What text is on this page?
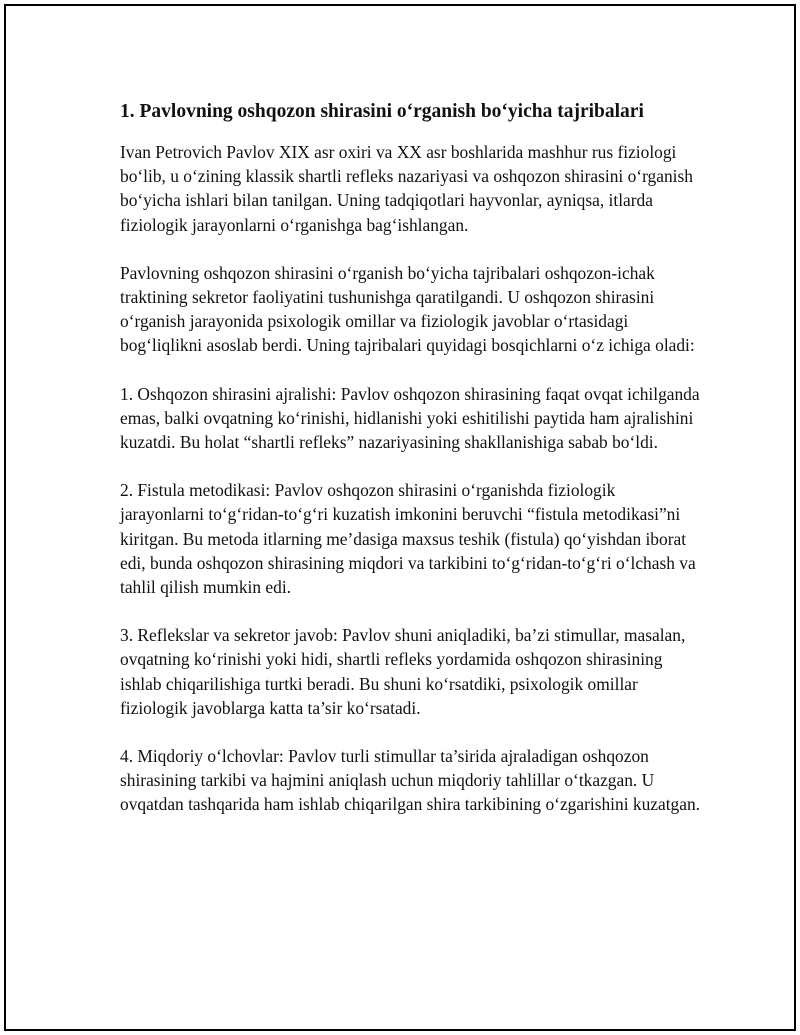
1. Pavlovning oshqozon shirasini o‘rganish bo‘yicha tajribalari

Ivan Petrovich Pavlov XIX asr oxiri va XX asr boshlarida mashhur rus fiziologi bo‘lib, u o‘zining klassik shartli refleks nazariyasi va oshqozon shirasini o‘rganish bo‘yicha ishlari bilan tanilgan. Uning tadqiqotlari hayvonlar, ayniqsa, itlarda fiziologik jarayonlarni o‘rganishga bag‘ishlangan.

Pavlovning oshqozon shirasini o‘rganish bo‘yicha tajribalari oshqozon-ichak traktining sekretor faoliyatini tushunishga qaratilgandi. U oshqozon shirasini o‘rganish jarayonida psixologik omillar va fiziologik javoblar o‘rtasidagi bog‘liqlikni asoslab berdi. Uning tajribalari quyidagi bosqichlarni o‘z ichiga oladi:

1. Oshqozon shirasini ajralishi: Pavlov oshqozon shirasining faqat ovqat ichilganda emas, balki ovqatning ko‘rinishi, hidlanishi yoki eshitilishi paytida ham ajralishini kuzatdi. Bu holat “shartli refleks” nazariyasining shakllanishiga sabab bo‘ldi.

2. Fistula metodikasi: Pavlov oshqozon shirasini o‘rganishda fiziologik jarayonlarni to‘g‘ridan-to‘g‘ri kuzatish imkonini beruvchi “fistula metodikasi”ni kiritgan. Bu metoda itlarning me’dasiga maxsus teshik (fistula) qo‘yishdan iborat edi, bunda oshqozon shirasining miqdori va tarkibini to‘g‘ridan-to‘g‘ri o‘lchash va tahlil qilish mumkin edi.

3. Reflekslar va sekretor javob: Pavlov shuni aniqladiki, ba’zi stimullar, masalan, ovqatning ko‘rinishi yoki hidi, shartli refleks yordamida oshqozon shirasining ishlab chiqarilishiga turtki beradi. Bu shuni ko‘rsatdiki, psixologik omillar fiziologik javoblarga katta ta’sir ko‘rsatadi.

4. Miqdoriy o‘lchovlar: Pavlov turli stimullar ta’sirida ajraladigan oshqozon shirasining tarkibi va hajmini aniqlash uchun miqdoriy tahlillar o‘tkazgan. U ovqatdan tashqarida ham ishlab chiqarilgan shira tarkibining o‘zgarishini kuzatgan.
